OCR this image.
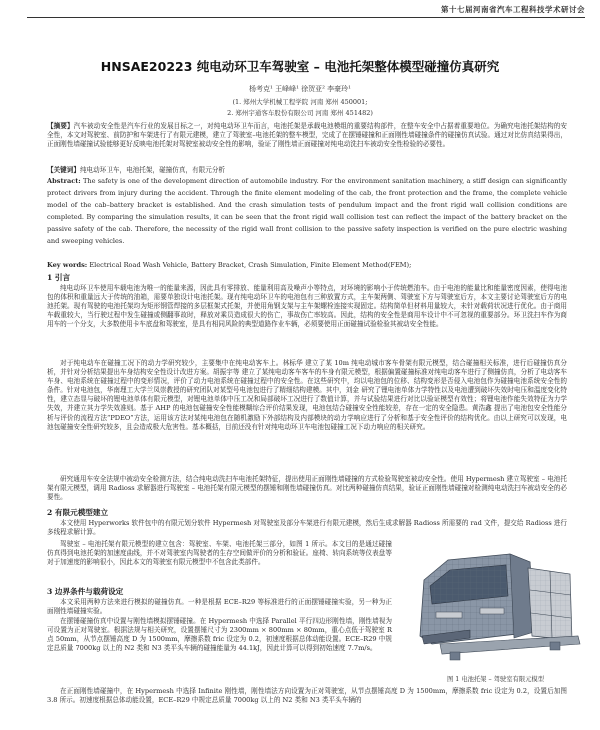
第十七届河南省汽车工程科技学术研讨会
HNSAE20223 纯电动环卫车驾驶室 – 电池托架整体模型碰撞仿真研究
杨考克¹ 王峰峰¹ 徐贺亚² 李豪玲¹
(1. 郑州大学机械工程学院 河南 郑州 450001;
2. 郑州宇通客车股份有限公司 河南 郑州 451482)

【摘要】汽车被动安全性是汽车行业的发展目标之一，对纯电动环卫车而言，电池托架是承载电池模组的重要结构部件，在整车安全中占据着重要地位。为确究电池托架结构的安全性，本文对驾驶室、前防护和车架进行了有限元建模，建立了驾驶室–电池托架的整车模型，完成了在摆锤碰撞和正面刚性墙碰撞条件的碰撞仿真试验。通过对比仿真结果得出，正面刚性墙碰撞试验能够更好反映电池托架对驾驶室被动安全性的影响，验证了刚性墙正面碰撞对纯电动洗扫车被动安全性检验的必要性。

【关键词】纯电动环卫车，电池托架，碰撞仿真，有限元分析

Abstract: The safety is one of the development direction of automobile industry. For the environment sanitation machinery, a stiff design can significantly protect drivers from injury during the accident. Through the finite element modeling of the cab, the front protection and the frame, the complete vehicle model of the cab–battery bracket is established. And the crash simulation tests of pendulum impact and the front rigid wall collision conditions are completed. By comparing the simulation results, it can be seen that the front rigid wall collision test can reflect the impact of the battery bracket on the passive safety of the cab. Therefore, the necessity of the rigid wall front collision to the passive safety inspection is verified on the pure electric washing and sweeping vehicles.

Key words: Electrical Road Wash Vehicle, Battery Bracket, Crash Simulation, Finite Element Method(FEM);

1 引言

纯电动环卫车使用车载电池为唯一的能量来源，因此具有零排放、能量利用高及噪声小等特点，对环境的影响小于传统燃油车。由于电池的能量比和能量密度因素，使得电池包的体积和重量远大于传统的油箱，需要单独设计电池托架。现有纯电动环卫车的电池包有三种放置方式，主车架两侧、驾驶室下方与驾驶室后方，本文主要讨论驾驶室后方的电池托架。现有驾驶的电池托架均为矩形钢管焊接的多层框架式托架，并使用角钢支架与主车架螺栓连接实现固定。结构简单但材料用量较大，未针对载荷状况进行优化。由于商用车载重较大，当行驶过程中发生碰撞或侧翻事故时，释放对乘员造成很大的伤亡，事故伤亡率较高。因此，结构的安全性是商用车设计中不可忽视的重要部分。环卫洗扫车作为商用车的一个分支，大多数使用卡车底盘和驾驶室，是具有相同风险的典型道路作业车辆，必须要使用正面碰撞试验检验其被动安全性能。

对于纯电动车在碰撞工况下的动力学研究较少，主要集中在纯电动客车上。林标华 建立了某 10m 纯电动城市客车骨架有限元模型，结合碰撞相关标准，进行后碰撞仿真分析，并针对分析结果提出车身结构安全性设计改进方案。胡振宇等 建立了某纯电动客车客车的车身有限元模型，根据偏置碰撞标准对纯电动客车进行了侧撞仿真，分析了电动客车车身、电池系统在碰撞过程中的变形情况，评价了动力电池系统在碰撞过程中的安全性。在这些研究中，均以电池包的位移、结构变形是否侵入电池包作为碰撞电池系统安全性的条件。针对电池包，华南理工大学兰凤崇教授的研究团队对某型号电池包进行了精细结构建模。其中，刘金 研究了锂电池单体力学特性以及电池遭到破坏失效时电压和温度变化特性，建立态显与破坏的锂电池单体有限元模型，对锂电池单体中压工况和局部破坏工况进行了数值计算，并与试验结果进行对比以验证模型有效性；将锂电池作能失效特征为力学失效，并建立其力学失效准则。基于 AHP 的电池包碰撞安全性能模糊综合评价结果发现，电池包结合碰撞安全性能较差，存在一定的安全隐患。黄浩鑫 提出了电池包安全性能分析与评价的流程方法“PDEO”方法，运用该方法对某纯电池包在随机激励下外部结构及内部模块的动力学响应进行了分析和基于安全性评价的结构优化。由以上研究可以发现，电池包碰撞安全性研究较多，且会造成极大危害性。基本概括，目前还没有针对纯电动环卫车电池包碰撞工况下动力响应的相关研究。

研究通用车安全法规中被动安全检测方法，结合纯电动洗扫车电池托架特征，提出使用正面刚性墙碰撞的方式检验驾驶室被动安全性。使用 Hypermesh 建立驾驶室 – 电池托架有限元模型，调用 Radioss 求解器进行驾驶室 – 电池托架有限元模型的摆锤和刚性墙碰撞仿真。对比两种碰撞仿真结果，验证正面刚性墙碰撞对检测纯电动洗扫车被动安全的必要性。

2 有限元模型建立

本文使用 Hyperworks 软件包中的有限元划分软件 Hypermesh 对驾驶室及部分车架进行有限元建模，然后生成求解器 Radioss 所需要的 rad 文件，提交给 Radioss 进行多线程求解计算。

驾驶室 – 电池托架有限元模型的建立包含：驾驶室、车架、电池托架三部分，如图 1 所示。本文目的是通过碰撞仿真得到电池托架的加速度曲线，并不对驾驶室内驾驶者的生存空间做评价的分析和验证。座椅、转向系统等仪表盘等对于加速度的影响很小，因此本文的驾驶室有限元模型中不包含此类部件。

3 边界条件与载荷设定

本文采用两种方法来进行模拟的碰撞仿真。一种是根据 ECE–R29 等标准进行的正面摆锤碰撞实验，另一种为正面刚性墙碰撞实验。

在摆锤碰撞仿真中设置与刚性墙模拟摆锤碰撞。在 Hypermesh 中选择 Parallel 平行四边形刚性墙，刚性墙视为可设置为正对驾驶室。根据法规与相关研究，设置摆锤尺寸为 2300mm × 800mm × 80mm，重心点低于驾驶室 R 点 50mm，从节点摆锤高度 D 为 1500mm，摩擦系数 fric 设定为 0.2，初速度根据总体动能设置。ECE–R29 中规定总质量 7000kg 以上的 N2 类和 N3 类平头车辆的碰撞能量为 44.1kJ，因此计算可以得到初始速度 7.7m/s。

图 1 电池托架 – 驾驶室有限元模型

在正面刚性墙碰撞中，在 Hypermesh 中选择 Infinite 刚性墙，刚性墙法方向设置为正对驾驶室，从节点摆锤高度 D 为 1500mm，摩擦系数 fric 设定为 0.2，设置后加图 3.8 所示。初速度根据总体动能设置，ECE–R29 中规定总质量 7000kg 以上的 N2 类和 N3 类平头车辆的
